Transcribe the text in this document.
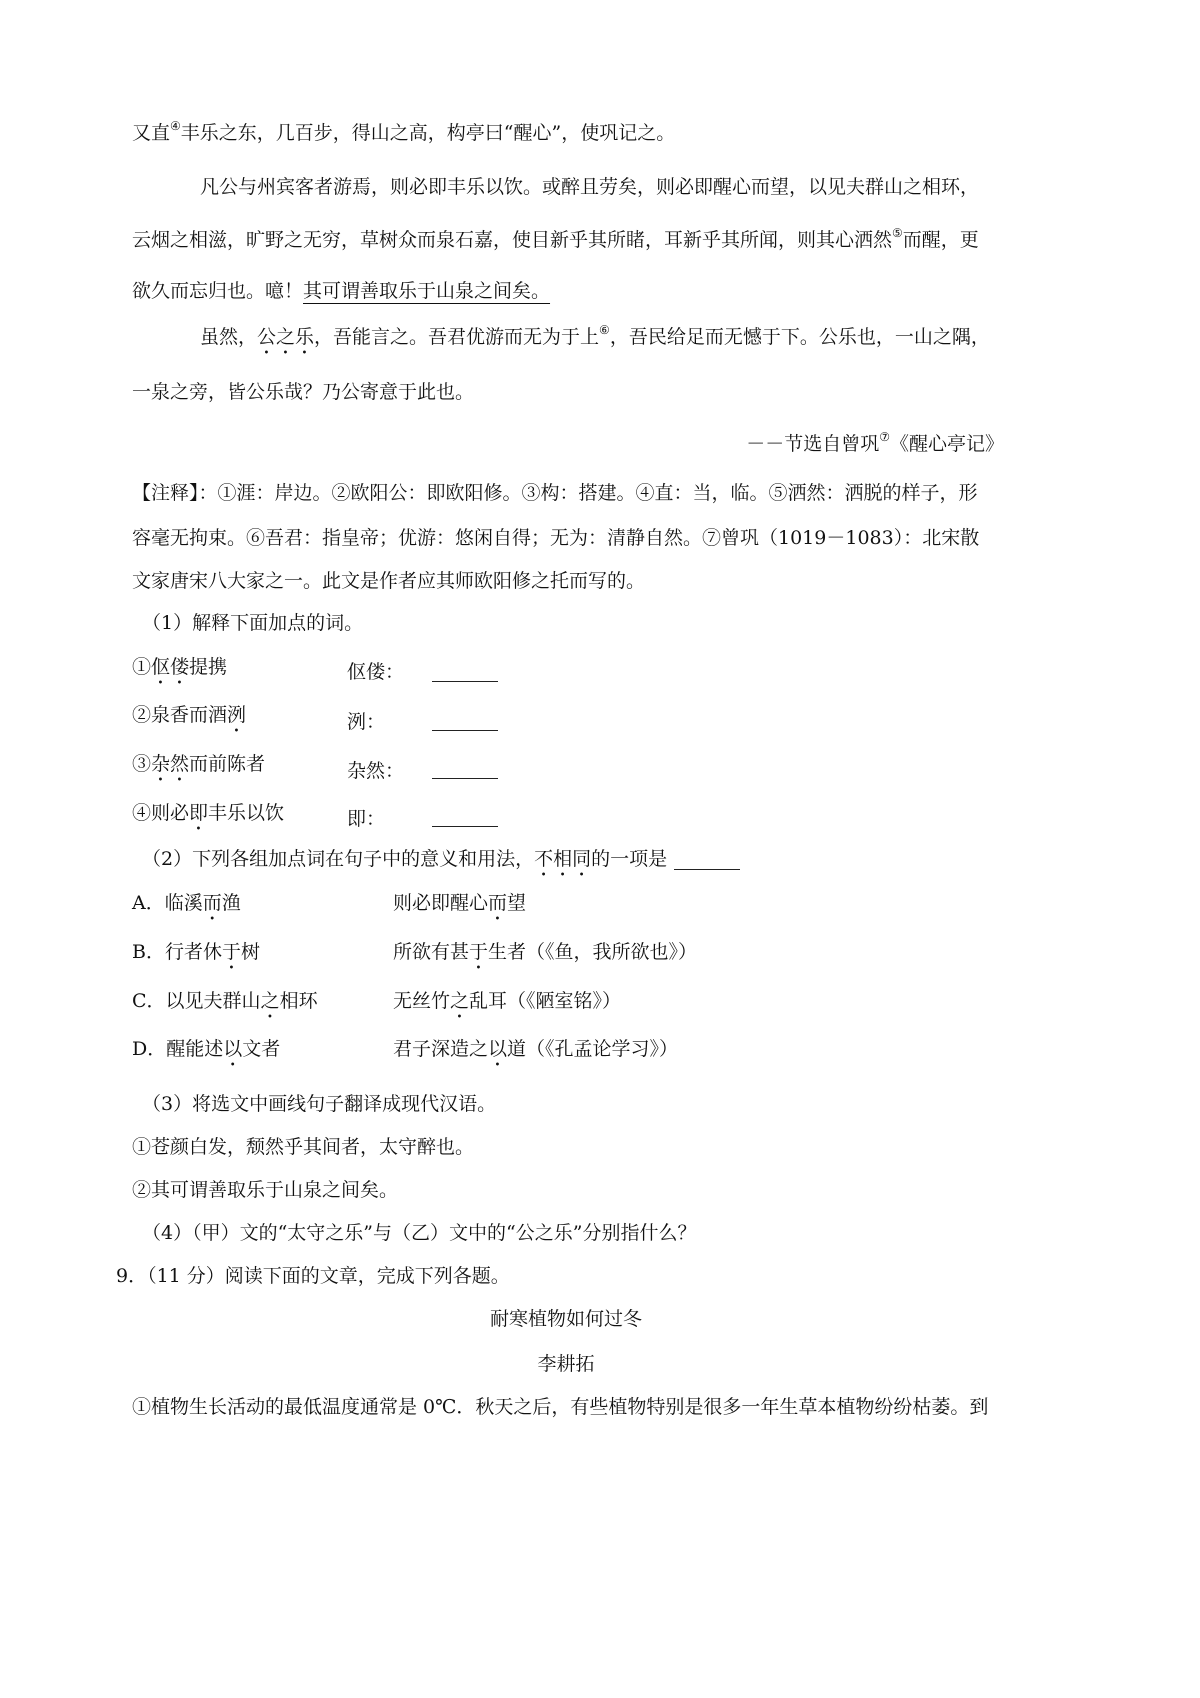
又直④丰乐之东，几百步，得山之高，构亭曰“醒心”，使巩记之。
凡公与州宾客者游焉，则必即丰乐以饮。或醉且劳矣，则必即醒心而望，以见夫群山之相环，
云烟之相滋，旷野之无穷，草树众而泉石嘉，使目新乎其所睹，耳新乎其所闻，则其心洒然⑤而醒，更
欲久而忘归也。噫！其可谓善取乐于山泉之间矣。
虽然，公之乐，吾能言之。吾君优游而无为于上⑥，吾民给足而无憾于下。公乐也，一山之隅，
一泉之旁，皆公乐哉？乃公寄意于此也。
－－节选自曾巩⑦《醒心亭记》
【注释】：①涯：岸边。②欧阳公：即欧阳修。③构：搭建。④直：当，临。⑤洒然：洒脱的样子，形
容毫无拘束。⑥吾君：指皇帝；优游：悠闲自得；无为：清静自然。⑦曾巩（1019－1083）：北宋散
文家唐宋八大家之一。此文是作者应其师欧阳修之托而写的。
（1）解释下面加点的词。
①伛偻提携	伛偻：
②泉香而酒洌	洌：
③杂然而前陈者	杂然：
④则必即丰乐以饮	即：
（2）下列各组加点词在句子中的意义和用法，不相同的一项是
A．临溪而渔	则必即醒心而望
B．行者休于树	所欲有甚于生者（《鱼，我所欲也》）
C．以见夫群山之相环	无丝竹之乱耳（《陋室铭》）
D．醒能述以文者	君子深造之以道（《孔孟论学习》）
（3）将选文中画线句子翻译成现代汉语。
①苍颜白发，颓然乎其间者，太守醉也。
②其可谓善取乐于山泉之间矣。
（4）（甲）文的“太守之乐”与（乙）文中的“公之乐”分别指什么？
9．（11 分）阅读下面的文章，完成下列各题。
耐寒植物如何过冬
李耕拓
①植物生长活动的最低温度通常是 0℃．秋天之后，有些植物特别是很多一年生草本植物纷纷枯萎。到
